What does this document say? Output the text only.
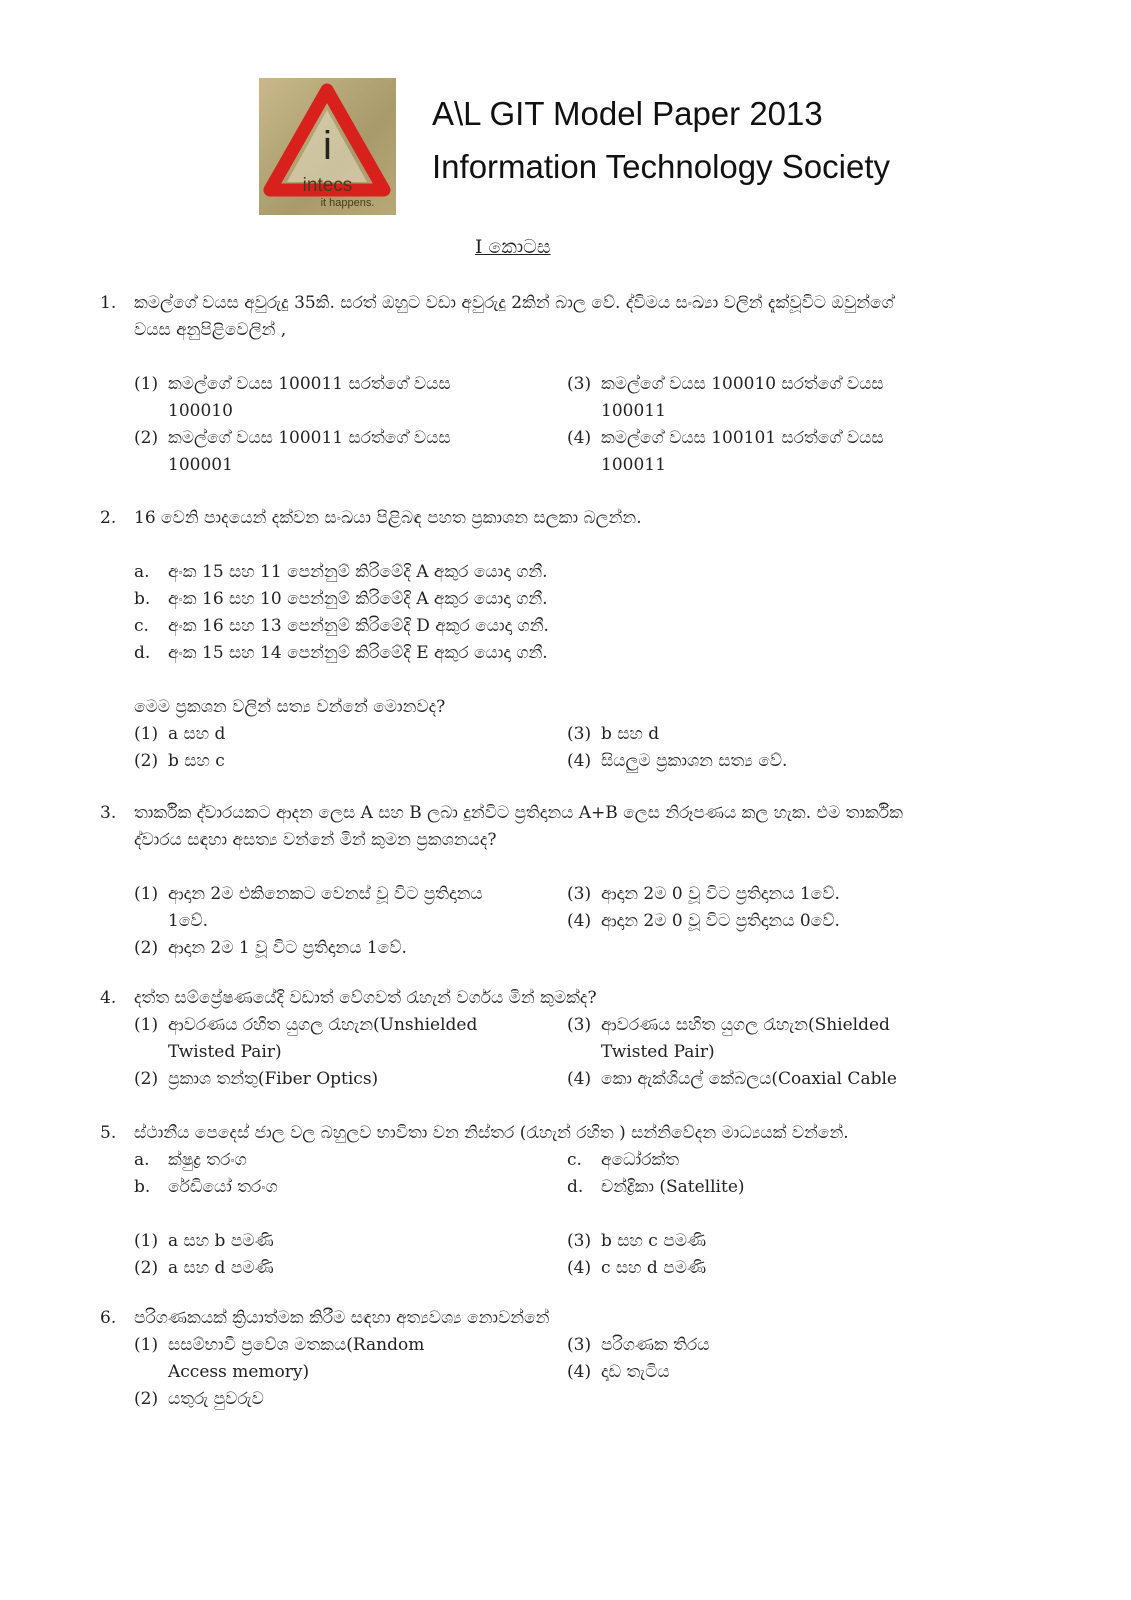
i
intecs
it happens.
A\L GIT Model Paper 2013
Information Technology Society
I කොටස
1. කමල්ගේ වයස අවුරුදු 35කි. සරත් ඔහුට වඩා අවුරුදු 2කින් බාල වේ. ද්විමය සංඛ්‍යා වලින් දැක්වූවිට ඔවුන්ගේ වයස අනුපිළිවෙලින් ,
(1) කමල්ගේ වයස 100011 සරත්ගේ වයස 100010
(2) කමල්ගේ වයස 100011 සරත්ගේ වයස 100001
(3) කමල්ගේ වයස 100010 සරත්ගේ වයස 100011
(4) කමල්ගේ වයස 100101 සරත්ගේ වයස 100011
2. 16 වෙනි පාදයෙන් දක්වන සංඛයා පිළිබඳ පහත ප්‍රකාශන සලකා බලන්න.
a.	අංක 15 සහ 11 පෙන්නුම් කිරිමේදි A අකුර යොදා ගනී.
b.	අංක 16 සහ 10 පෙන්නුම් කිරිමේදි A අකුර යොදා ගනී.
c.	අංක 16 සහ 13 පෙන්නුම් කිරිමේදි D අකුර යොදා ගනී.
d.	අංක 15 සහ 14 පෙන්නුම් කිරිමේදි E අකුර යොදා ගනී.
මෙම ප්‍රකශන වලින් සත්‍ය වන්නේ මොනවද?
(1) a සහ d
(2) b සහ c
(3) b සහ d
(4) සියලුම ප්‍රකාශන සත්‍ය වේ.
3. තාර්කික ද්වාරයකට ආදන ලෙස A සහ B ලබා දුන්විට ප්‍රතිදානය A+B ලෙස නිරූපණය කල හැක. එම තාර්කික ද්වාරය සඳහා අසත්‍ය වන්නේ මින් කුමන ප්‍රකශනයද?
(1) ආදාන 2ම එකිනෙකට වෙනස් වූ විට ප්‍රතිදානය 1වේ.
(2) ආදාන 2ම 1 වූ විට ප්‍රතිදානය 1වේ.
(3) ආදාන 2ම 0 වූ විට ප්‍රතිදානය 1වේ.
(4) ආදාන 2ම 0 වූ විට ප්‍රතිදානය 0වේ.
4. දත්ත සම්ප්‍රේෂණයේදි වඩාත් වේගවත් රැහැන් වර්ගය මින් කුමක්ද?
(1) ආවරණය රහිත යුගල රැහැන(Unshielded Twisted Pair)
(2) ප්‍රකාශ තන්තු(Fiber Optics)
(3) ආවරණය සහිත යුගල රැහැන(Shielded Twisted Pair)
(4) කො ඇක්ශියල් කේබලය(Coaxial Cable
5. ස්ථානීය පෙදෙස් ජාල වල බහුලව භාවිතා වන නිස්තර (රැහැන් රහිත ) සන්නිවේදන මාධ්‍යයක් වන්නේ.
a.	ක්ෂුද්‍ර තරංග
b.	රේඩියෝ තරංග
c.	අධෝරක්ත
d.	චන්ද්‍රිකා (Satellite)
(1) a සහ b පමණි
(2) a සහ d පමණි
(3) b සහ c පමණි
(4) c සහ d පමණි
6. පරිගණකයක් ක්‍රියාත්මක කිරීම සඳහා අත්‍යවශ්‍ය නොවන්නේ
(1) සසම්භාවී ප්‍රවේශ මතකය(Random Access memory)
(2) යතුරු පුවරුව
(3) පරිගණක තිරය
(4) දෘඩ තැටිය
